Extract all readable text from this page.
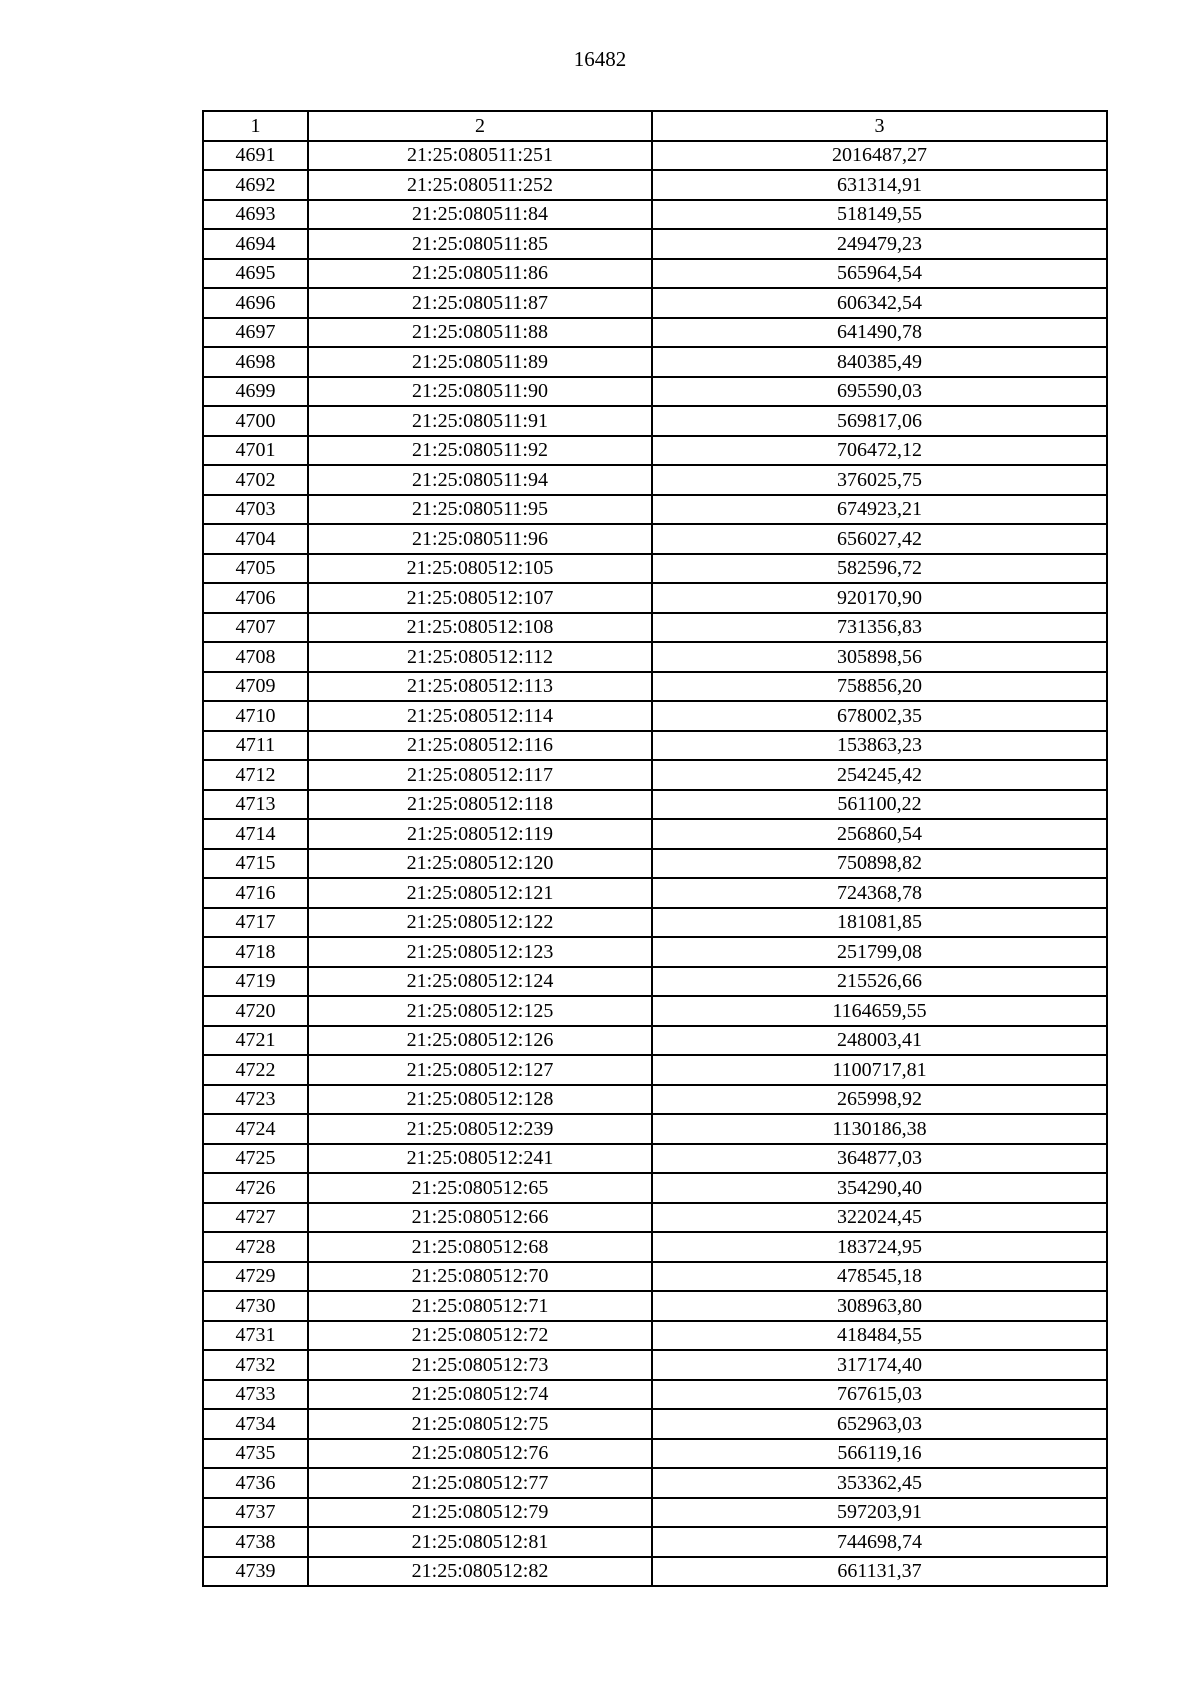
16482
1	2	3
4691	21:25:080511:251	2016487,27
4692	21:25:080511:252	631314,91
4693	21:25:080511:84	518149,55
4694	21:25:080511:85	249479,23
4695	21:25:080511:86	565964,54
4696	21:25:080511:87	606342,54
4697	21:25:080511:88	641490,78
4698	21:25:080511:89	840385,49
4699	21:25:080511:90	695590,03
4700	21:25:080511:91	569817,06
4701	21:25:080511:92	706472,12
4702	21:25:080511:94	376025,75
4703	21:25:080511:95	674923,21
4704	21:25:080511:96	656027,42
4705	21:25:080512:105	582596,72
4706	21:25:080512:107	920170,90
4707	21:25:080512:108	731356,83
4708	21:25:080512:112	305898,56
4709	21:25:080512:113	758856,20
4710	21:25:080512:114	678002,35
4711	21:25:080512:116	153863,23
4712	21:25:080512:117	254245,42
4713	21:25:080512:118	561100,22
4714	21:25:080512:119	256860,54
4715	21:25:080512:120	750898,82
4716	21:25:080512:121	724368,78
4717	21:25:080512:122	181081,85
4718	21:25:080512:123	251799,08
4719	21:25:080512:124	215526,66
4720	21:25:080512:125	1164659,55
4721	21:25:080512:126	248003,41
4722	21:25:080512:127	1100717,81
4723	21:25:080512:128	265998,92
4724	21:25:080512:239	1130186,38
4725	21:25:080512:241	364877,03
4726	21:25:080512:65	354290,40
4727	21:25:080512:66	322024,45
4728	21:25:080512:68	183724,95
4729	21:25:080512:70	478545,18
4730	21:25:080512:71	308963,80
4731	21:25:080512:72	418484,55
4732	21:25:080512:73	317174,40
4733	21:25:080512:74	767615,03
4734	21:25:080512:75	652963,03
4735	21:25:080512:76	566119,16
4736	21:25:080512:77	353362,45
4737	21:25:080512:79	597203,91
4738	21:25:080512:81	744698,74
4739	21:25:080512:82	661131,37
